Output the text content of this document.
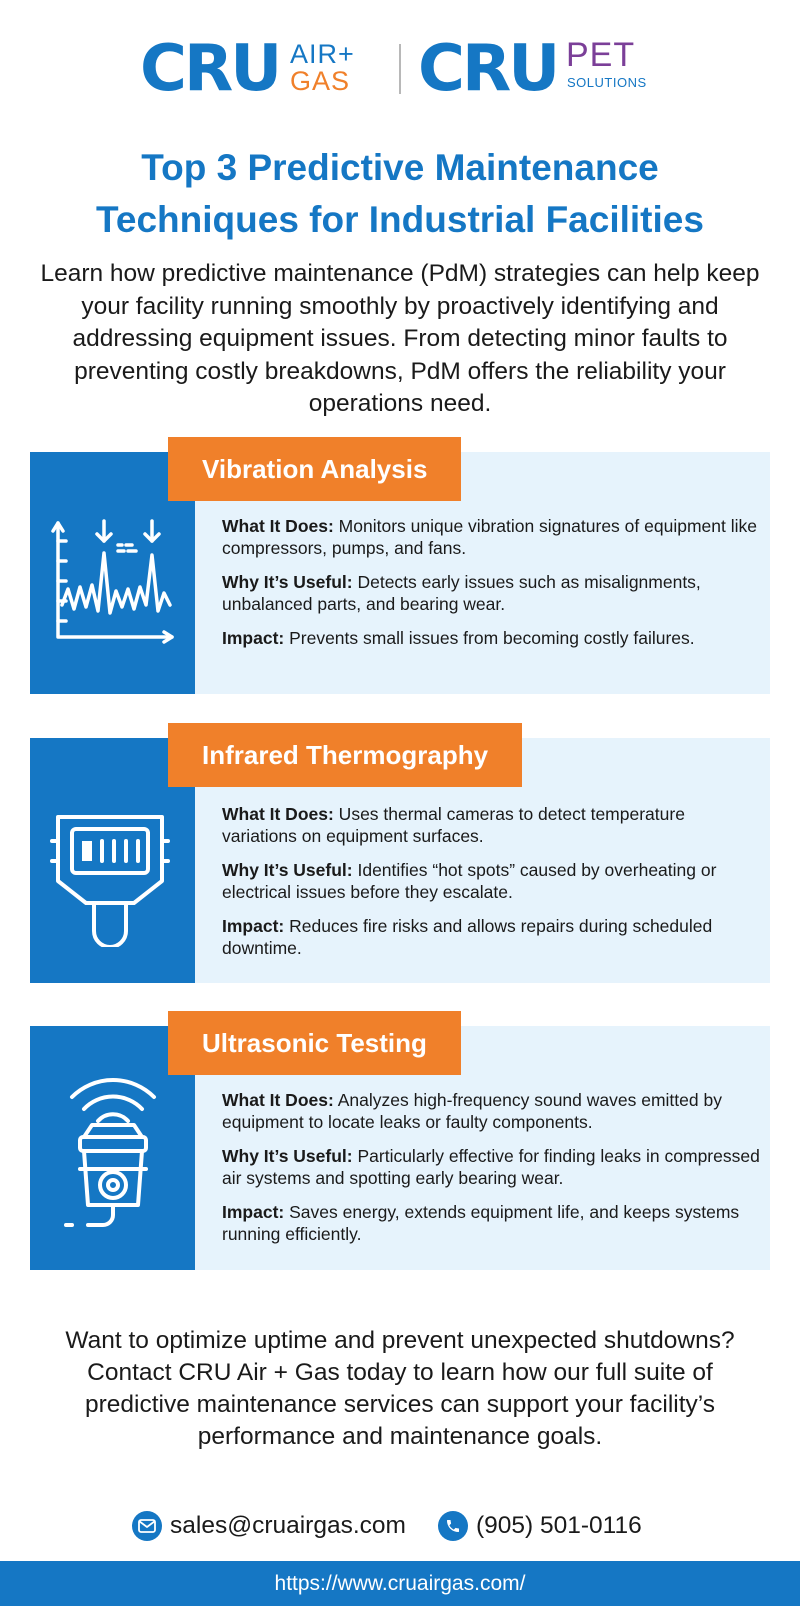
CRU AIR+
GAS CRU PET
SOLUTIONS
Top 3 Predictive Maintenance
Techniques for Industrial Facilities
Learn how predictive maintenance (PdM) strategies can help keep your facility running smoothly by proactively identifying and addressing equipment issues. From detecting minor faults to preventing costly breakdowns, PdM offers the reliability your operations need.
Vibration Analysis

What It Does: Monitors unique vibration signatures of equipment like compressors, pumps, and fans.

Why It’s Useful: Detects early issues such as misalignments, unbalanced parts, and bearing wear.

Impact: Prevents small issues from becoming costly failures.

Infrared Thermography

What It Does: Uses thermal cameras to detect temperature variations on equipment surfaces.

Why It’s Useful: Identifies “hot spots” caused by overheating or electrical issues before they escalate.

Impact: Reduces fire risks and allows repairs during scheduled downtime.

Ultrasonic Testing

What It Does: Analyzes high-frequency sound waves emitted by equipment to locate leaks or faulty components.

Why It’s Useful: Particularly effective for finding leaks in compressed air systems and spotting early bearing wear.

Impact: Saves energy, extends equipment life, and keeps systems running efficiently.

Want to optimize uptime and prevent unexpected shutdowns? Contact CRU Air + Gas today to learn how our full suite of predictive maintenance services can support your facility’s performance and maintenance goals.
sales@cruairgas.com	(905) 501-0116
https://www.cruairgas.com/
